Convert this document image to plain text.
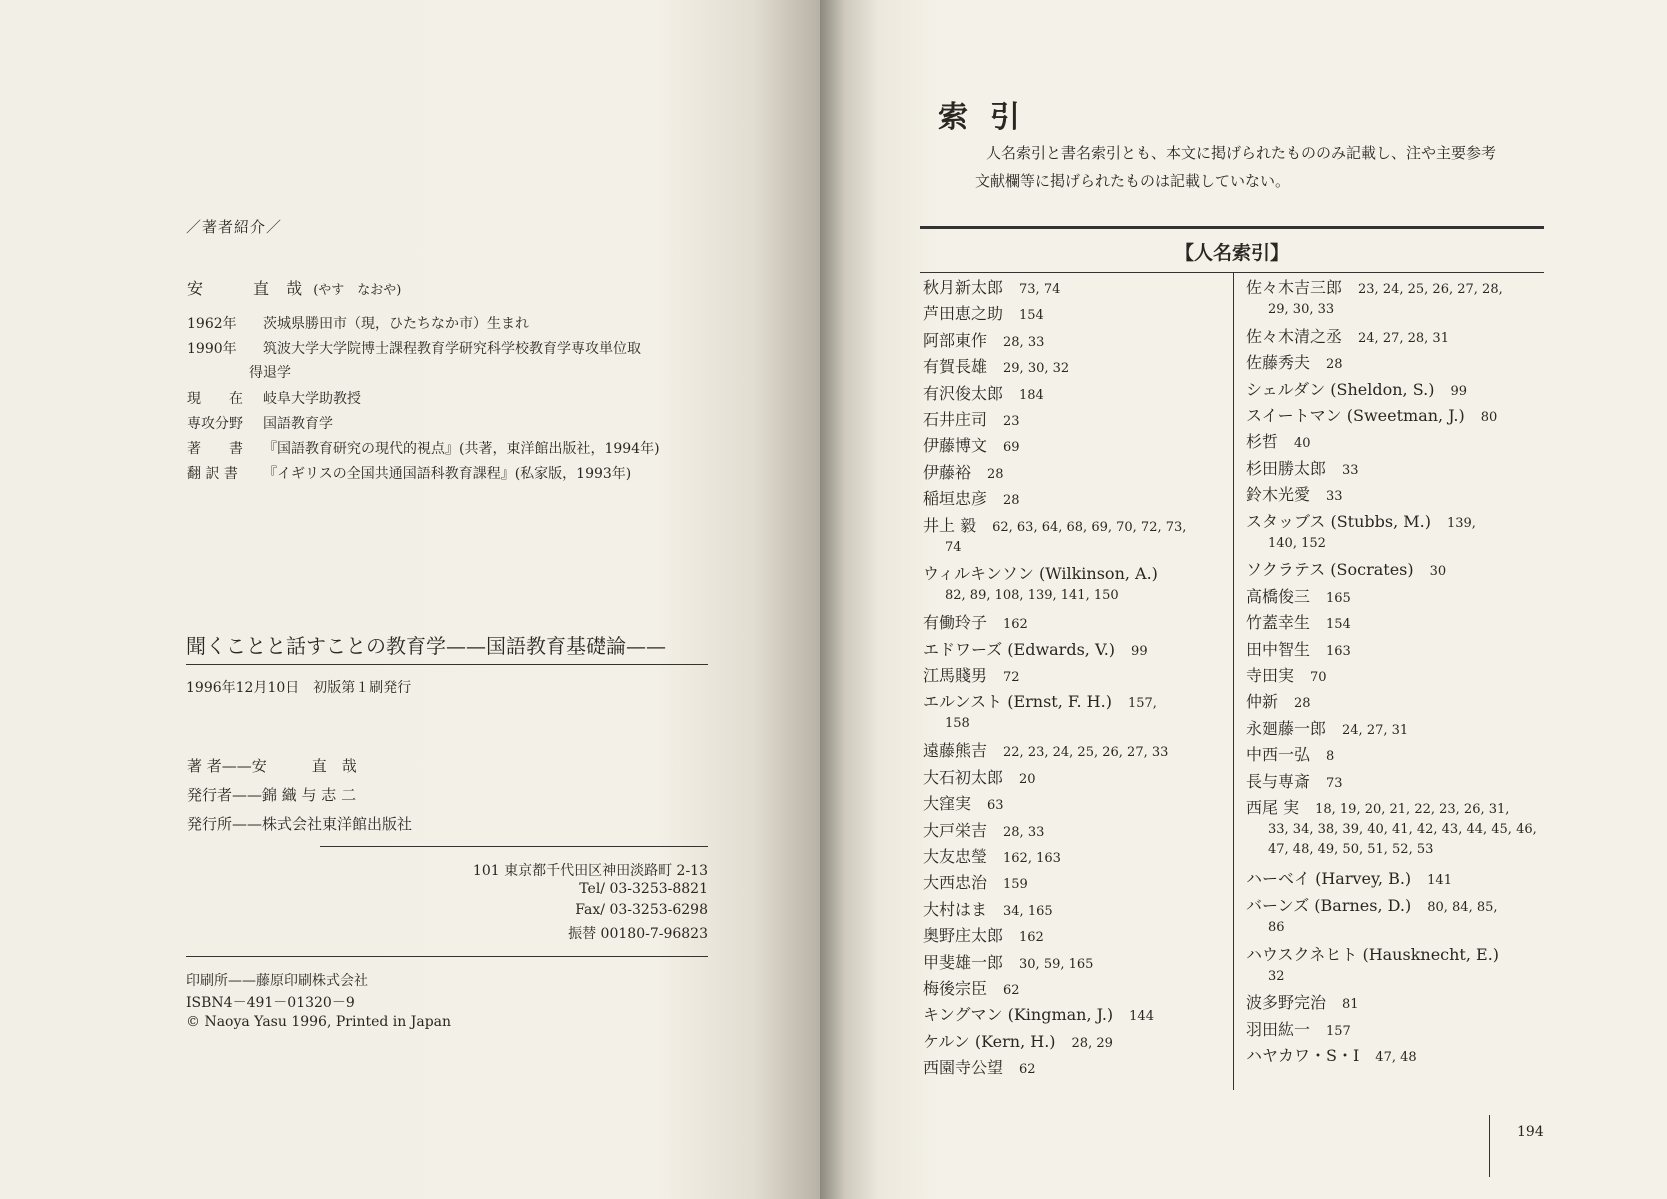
／著者紹介／
安　　直 哉 (やす　なおや)
1962年 茨城県勝田市（現，ひたちなか市）生まれ
1990年 筑波大学大学院博士課程教育学研究科学校教育学専攻単位取
得退学
現　　在 岐阜大学助教授
専攻分野 国語教育学
著　　書 『国語教育研究の現代的視点』(共著，東洋館出版社，1994年)
翻 訳 書 『イギリスの全国共通国語科教育課程』(私家版，1993年)
聞くことと話すことの教育学——国語教育基礎論——
1996年12月10日　初版第１刷発行
著 者——安　　　直　哉
発行者——錦 織 与 志 二
発行所——株式会社東洋館出版社
101 東京都千代田区神田淡路町 2-13
Tel/ 03-3253-8821
Fax/ 03-3253-6298
振替 00180-7-96823
印刷所——藤原印刷株式会社
ISBN4－491－01320－9
© Naoya Yasu 1996, Printed in Japan
索引
人名索引と書名索引とも、本文に掲げられたもののみ記載し、注や主要参考
文献欄等に掲げられたものは記載していない。
【人名索引】
秋月新太郎 73, 74
芦田恵之助 154
阿部東作 28, 33
有賀長雄 29, 30, 32
有沢俊太郎 184
石井庄司 23
伊藤博文 69
伊藤裕 28
稲垣忠彦 28
井上 毅 62, 63, 64, 68, 69, 70, 72, 73,
74
ウィルキンソン (Wilkinson, A.)
82, 89, 108, 139, 141, 150
有働玲子 162
エドワーズ (Edwards, V.) 99
江馬賤男 72
エルンスト (Ernst, F. H.) 157,
158
遠藤熊吉 22, 23, 24, 25, 26, 27, 33
大石初太郎 20
大窪実 63
大戸栄吉 28, 33
大友忠瑩 162, 163
大西忠治 159
大村はま 34, 165
奥野庄太郎 162
甲斐雄一郎 30, 59, 165
梅後宗臣 62
キングマン (Kingman, J.) 144
ケルン (Kern, H.) 28, 29
西園寺公望 62
佐々木吉三郎 23, 24, 25, 26, 27, 28,
29, 30, 33
佐々木清之丞 24, 27, 28, 31
佐藤秀夫 28
シェルダン (Sheldon, S.) 99
スイートマン (Sweetman, J.) 80
杉哲 40
杉田勝太郎 33
鈴木光愛 33
スタッブス (Stubbs, M.) 139,
140, 152
ソクラテス (Socrates) 30
高橋俊三 165
竹蓋幸生 154
田中智生 163
寺田実 70
仲新 28
永廻藤一郎 24, 27, 31
中西一弘 8
長与専斎 73
西尾 実 18, 19, 20, 21, 22, 23, 26, 31,
33, 34, 38, 39, 40, 41, 42, 43, 44, 45, 46,
47, 48, 49, 50, 51, 52, 53
ハーベイ (Harvey, B.) 141
バーンズ (Barnes, D.) 80, 84, 85,
86
ハウスクネヒト (Hausknecht, E.)
32
波多野完治 81
羽田紘一 157
ハヤカワ・S・I 47, 48
194
